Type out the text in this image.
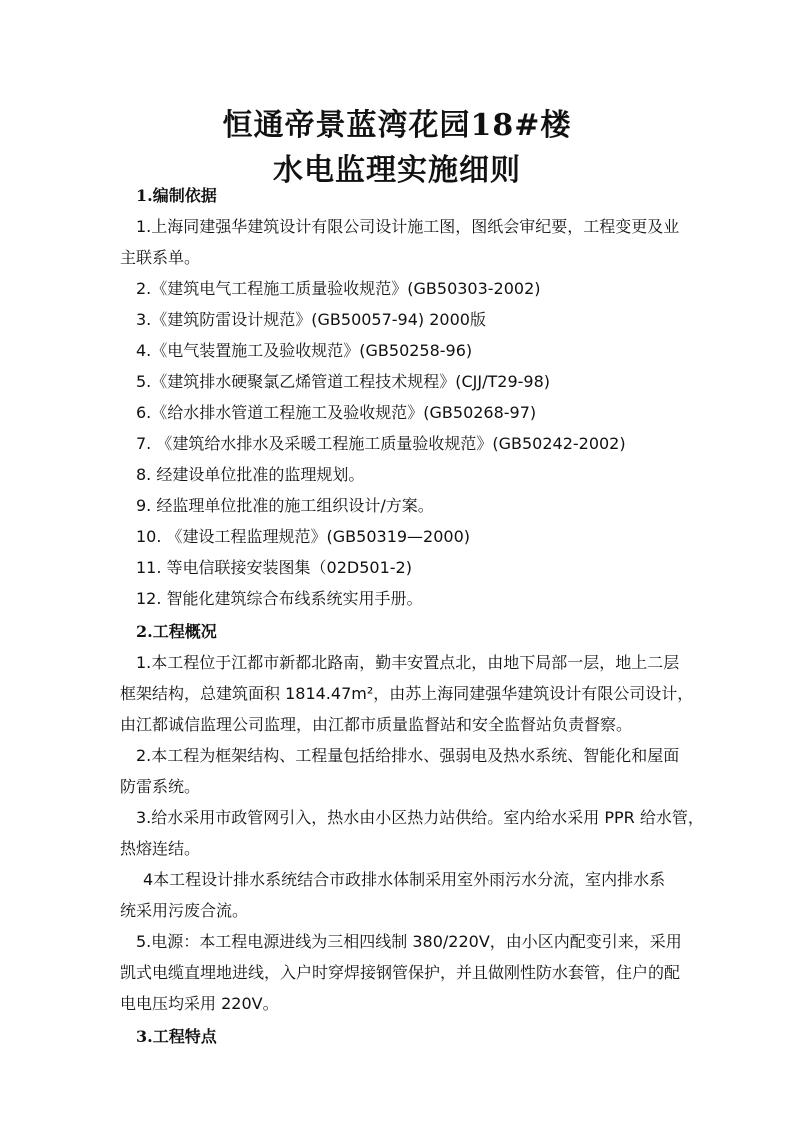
恒通帝景蓝湾花园18#楼
水电监理实施细则
1.编制依据
1.上海同建强华建筑设计有限公司设计施工图，图纸会审纪要，工程变更及业
主联系单。
2.《建筑电气工程施工质量验收规范》(GB50303-2002)
3.《建筑防雷设计规范》(GB50057-94) 2000版
4.《电气装置施工及验收规范》(GB50258-96)
5.《建筑排水硬聚氯乙烯管道工程技术规程》(CJJ/T29-98)
6.《给水排水管道工程施工及验收规范》(GB50268-97)
7. 《建筑给水排水及采暖工程施工质量验收规范》(GB50242-2002)
8. 经建设单位批准的监理规划。
9. 经监理单位批准的施工组织设计/方案。
10. 《建设工程监理规范》(GB50319—2000)
11. 等电信联接安装图集（02D501-2)
12. 智能化建筑综合布线系统实用手册。
2.工程概况
1.本工程位于江都市新都北路南，勤丰安置点北，由地下局部一层，地上二层
框架结构，总建筑面积 1814.47m²，由苏上海同建强华建筑设计有限公司设计，
由江都诚信监理公司监理，由江都市质量监督站和安全监督站负责督察。
2.本工程为框架结构、工程量包括给排水、强弱电及热水系统、智能化和屋面
防雷系统。
3.给水采用市政管网引入，热水由小区热力站供给。室内给水采用 PPR 给水管，
热熔连结。
4本工程设计排水系统结合市政排水体制采用室外雨污水分流，室内排水系
统采用污废合流。
5.电源：本工程电源进线为三相四线制 380/220V，由小区内配变引来，采用
凯式电缆直埋地进线，入户时穿焊接钢管保护，并且做刚性防水套管，住户的配
电电压均采用 220V。
3.工程特点
